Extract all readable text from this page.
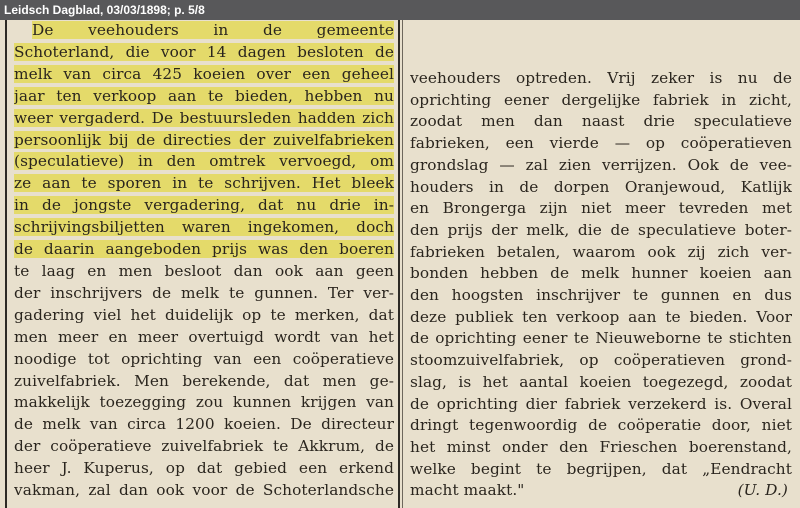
Leidsch Dagblad, 03/03/1898; p. 5/8
De veehouders in de gemeente
Schoterland, die voor 14 dagen besloten de
melk van circa 425 koeien over een geheel
jaar ten verkoop aan te bieden, hebben nu
weer vergaderd. De bestuursleden hadden zich
persoonlijk bij de directies der zuivelfabrieken
(speculatieve) in den omtrek vervoegd, om
ze aan te sporen in te schrijven. Het bleek
in de jongste vergadering, dat nu drie in-
schrijvingsbiljetten waren ingekomen, doch
de daarin aangeboden prijs was den boeren
te laag en men besloot dan ook aan geen
der inschrijvers de melk te gunnen. Ter ver-
gadering viel het duidelijk op te merken, dat
men meer en meer overtuigd wordt van het
noodige tot oprichting van een coöperatieve
zuivelfabriek. Men berekende, dat men ge-
makkelijk toezegging zou kunnen krijgen van
de melk van circa 1200 koeien. De directeur
der coöperatieve zuivelfabriek te Akkrum, de
heer J. Kuperus, op dat gebied een erkend
vakman, zal dan ook voor de Schoterlandsche
veehouders optreden. Vrij zeker is nu de
oprichting eener dergelijke fabriek in zicht,
zoodat men dan naast drie speculatieve
fabrieken, een vierde — op coöperatieven
grondslag — zal zien verrijzen. Ook de vee-
houders in de dorpen Oranjewoud, Katlijk
en Brongerga zijn niet meer tevreden met
den prijs der melk, die de speculatieve boter-
fabrieken betalen, waarom ook zij zich ver-
bonden hebben de melk hunner koeien aan
den hoogsten inschrijver te gunnen en dus
deze publiek ten verkoop aan te bieden. Voor
de oprichting eener te Nieuweborne te stichten
stoomzuivelfabriek, op coöperatieven grond-
slag, is het aantal koeien toegezegd, zoodat
de oprichting dier fabriek verzekerd is. Overal
dringt tegenwoordig de coöperatie door, niet
het minst onder den Frieschen boerenstand,
welke begint te begrijpen, dat „Eendracht
macht maakt."	(U. D.)
